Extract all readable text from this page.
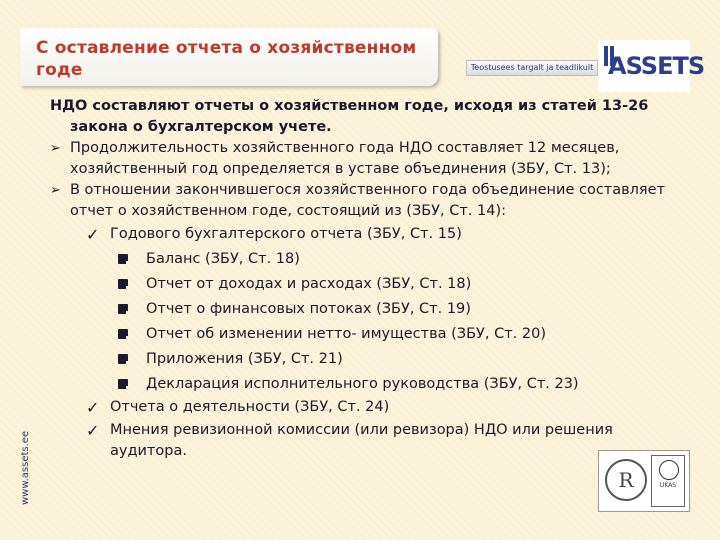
С оставление отчета о хозяйственном годе	Teostusees targalt ja teadlikult ASSETS
www.assets.ee

НДО составляют отчеты о хозяйственном годе, исходя из статей 13-26 закона о бухгалтерском учете.

➢ Продолжительность хозяйственного года НДО составляет 12 месяцев, хозяйственный год определяется в уставе объединения (ЗБУ, Ст. 13);
➢ В отношении закончившегося хозяйственного года объединение составляет отчет о хозяйственном годе, состоящий из (ЗБУ, Ст. 14):
✓ Годового бухгалтерского отчета (ЗБУ, Ст. 15)
Баланс (ЗБУ, Ст. 18)
Отчет от доходах и расходах (ЗБУ, Ст. 18)
Отчет о финансовых потоках (ЗБУ, Ст. 19)
Отчет об изменении нетто- имущества (ЗБУ, Ст. 20)
Приложения (ЗБУ, Ст. 21)
Декларация исполнительного руководства (ЗБУ, Ст. 23)
✓ Отчета о деятельности (ЗБУ, Ст. 24)
✓ Мнения ревизионной комиссии (или ревизора) НДО или решения аудитора.
R	UKAS
